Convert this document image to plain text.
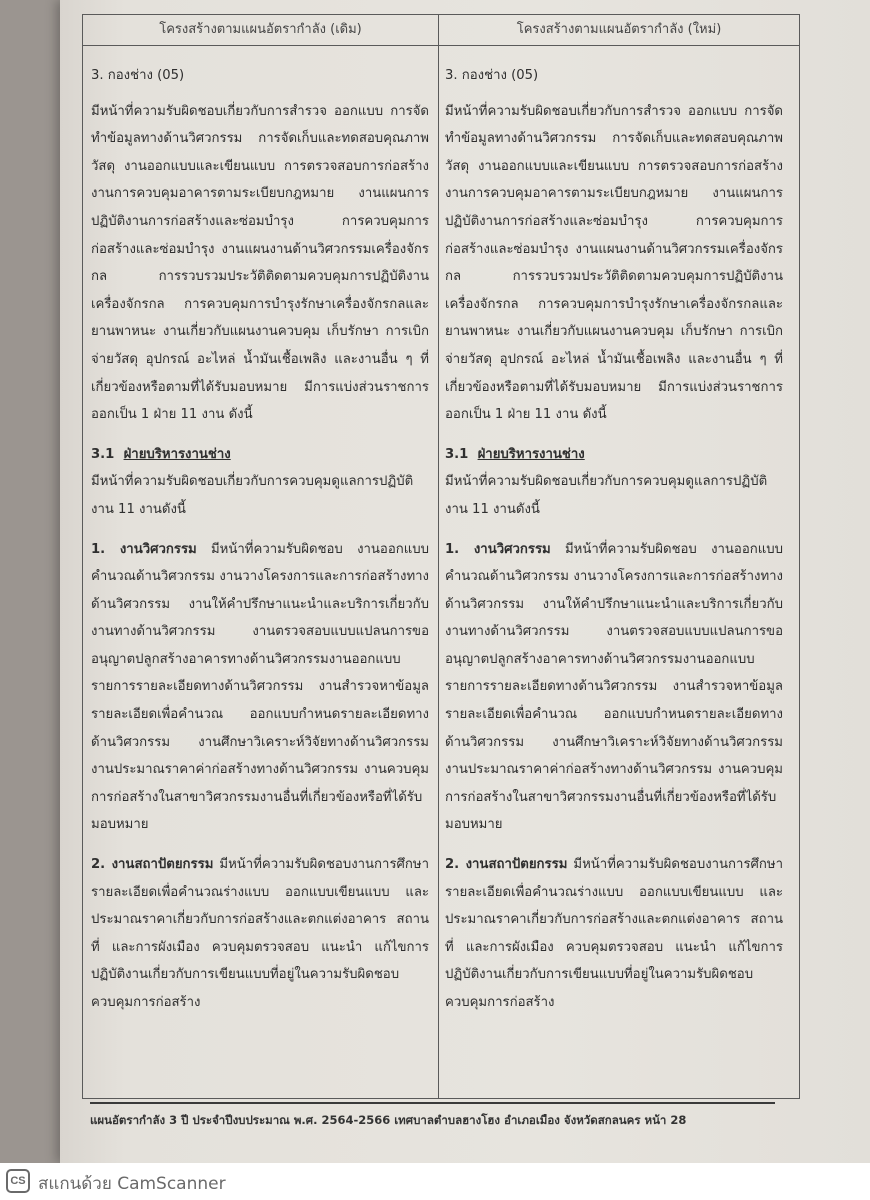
โครงสร้างตามแผนอัตรากำลัง (เดิม)	โครงสร้างตามแผนอัตรากำลัง (ใหม่)

3. กองช่าง (05)

มีหน้าที่ความรับผิดชอบเกี่ยวกับการสำรวจ ออกแบบ การจัดทำข้อมูลทางด้านวิศวกรรม การจัดเก็บและทดสอบคุณภาพวัสดุ งานออกแบบและเขียนแบบ การตรวจสอบการก่อสร้าง งานการควบคุมอาคารตามระเบียบกฎหมาย งานแผนการปฏิบัติงานการก่อสร้างและซ่อมบำรุง การควบคุมการก่อสร้างและซ่อมบำรุง งานแผนงานด้านวิศวกรรมเครื่องจักรกล การรวบรวมประวัติติดตามควบคุมการปฏิบัติงานเครื่องจักรกล การควบคุมการบำรุงรักษาเครื่องจักรกลและยานพาหนะ งานเกี่ยวกับแผนงานควบคุม เก็บรักษา การเบิกจ่ายวัสดุ อุปกรณ์ อะไหล่ น้ำมันเชื้อเพลิง และงานอื่น ๆ ที่เกี่ยวข้องหรือตามที่ได้รับมอบหมาย มีการแบ่งส่วนราชการออกเป็น 1 ฝ่าย 11 งาน ดังนี้

3.1 ฝ่ายบริหารงานช่าง

มีหน้าที่ความรับผิดชอบเกี่ยวกับการควบคุมดูแลการปฏิบัติงาน 11 งานดังนี้

1. งานวิศวกรรม มีหน้าที่ความรับผิดชอบ งานออกแบบคำนวณด้านวิศวกรรม งานวางโครงการและการก่อสร้างทางด้านวิศวกรรม งานให้คำปรึกษาแนะนำและบริการเกี่ยวกับงานทางด้านวิศวกรรม งานตรวจสอบแบบแปลนการขออนุญาตปลูกสร้างอาคารทางด้านวิศวกรรมงานออกแบบรายการรายละเอียดทางด้านวิศวกรรม งานสำรวจหาข้อมูลรายละเอียดเพื่อคำนวณ ออกแบบกำหนดรายละเอียดทางด้านวิศวกรรม งานศึกษาวิเคราะห์วิจัยทางด้านวิศวกรรม งานประมาณราคาค่าก่อสร้างทางด้านวิศวกรรม งานควบคุมการก่อสร้างในสาขาวิศวกรรมงานอื่นที่เกี่ยวข้องหรือที่ได้รับมอบหมาย

2. งานสถาปัตยกรรม มีหน้าที่ความรับผิดชอบงานการศึกษารายละเอียดเพื่อคำนวณร่างแบบ ออกแบบเขียนแบบ และประมาณราคาเกี่ยวกับการก่อสร้างและตกแต่งอาคาร สถานที่ และการผังเมือง ควบคุมตรวจสอบ แนะนำ แก้ไขการปฏิบัติงานเกี่ยวกับการเขียนแบบที่อยู่ในความรับผิดชอบควบคุมการก่อสร้าง

3. กองช่าง (05)

มีหน้าที่ความรับผิดชอบเกี่ยวกับการสำรวจ ออกแบบ การจัดทำข้อมูลทางด้านวิศวกรรม การจัดเก็บและทดสอบคุณภาพวัสดุ งานออกแบบและเขียนแบบ การตรวจสอบการก่อสร้าง งานการควบคุมอาคารตามระเบียบกฎหมาย งานแผนการปฏิบัติงานการก่อสร้างและซ่อมบำรุง การควบคุมการก่อสร้างและซ่อมบำรุง งานแผนงานด้านวิศวกรรมเครื่องจักรกล การรวบรวมประวัติติดตามควบคุมการปฏิบัติงานเครื่องจักรกล การควบคุมการบำรุงรักษาเครื่องจักรกลและยานพาหนะ งานเกี่ยวกับแผนงานควบคุม เก็บรักษา การเบิกจ่ายวัสดุ อุปกรณ์ อะไหล่ น้ำมันเชื้อเพลิง และงานอื่น ๆ ที่เกี่ยวข้องหรือตามที่ได้รับมอบหมาย มีการแบ่งส่วนราชการออกเป็น 1 ฝ่าย 11 งาน ดังนี้

3.1 ฝ่ายบริหารงานช่าง

มีหน้าที่ความรับผิดชอบเกี่ยวกับการควบคุมดูแลการปฏิบัติงาน 11 งานดังนี้

1. งานวิศวกรรม มีหน้าที่ความรับผิดชอบ งานออกแบบคำนวณด้านวิศวกรรม งานวางโครงการและการก่อสร้างทางด้านวิศวกรรม งานให้คำปรึกษาแนะนำและบริการเกี่ยวกับงานทางด้านวิศวกรรม งานตรวจสอบแบบแปลนการขออนุญาตปลูกสร้างอาคารทางด้านวิศวกรรมงานออกแบบรายการรายละเอียดทางด้านวิศวกรรม งานสำรวจหาข้อมูลรายละเอียดเพื่อคำนวณ ออกแบบกำหนดรายละเอียดทางด้านวิศวกรรม งานศึกษาวิเคราะห์วิจัยทางด้านวิศวกรรม งานประมาณราคาค่าก่อสร้างทางด้านวิศวกรรม งานควบคุมการก่อสร้างในสาขาวิศวกรรมงานอื่นที่เกี่ยวข้องหรือที่ได้รับมอบหมาย

2. งานสถาปัตยกรรม มีหน้าที่ความรับผิดชอบงานการศึกษารายละเอียดเพื่อคำนวณร่างแบบ ออกแบบเขียนแบบ และประมาณราคาเกี่ยวกับการก่อสร้างและตกแต่งอาคาร สถานที่ และการผังเมือง ควบคุมตรวจสอบ แนะนำ แก้ไขการปฏิบัติงานเกี่ยวกับการเขียนแบบที่อยู่ในความรับผิดชอบควบคุมการก่อสร้าง

แผนอัตรากำลัง 3 ปี ประจำปีงบประมาณ พ.ศ. 2564-2566 เทศบาลตำบลฮางโฮง อำเภอเมือง จังหวัดสกลนคร หน้า 28
CS สแกนด้วย CamScanner
